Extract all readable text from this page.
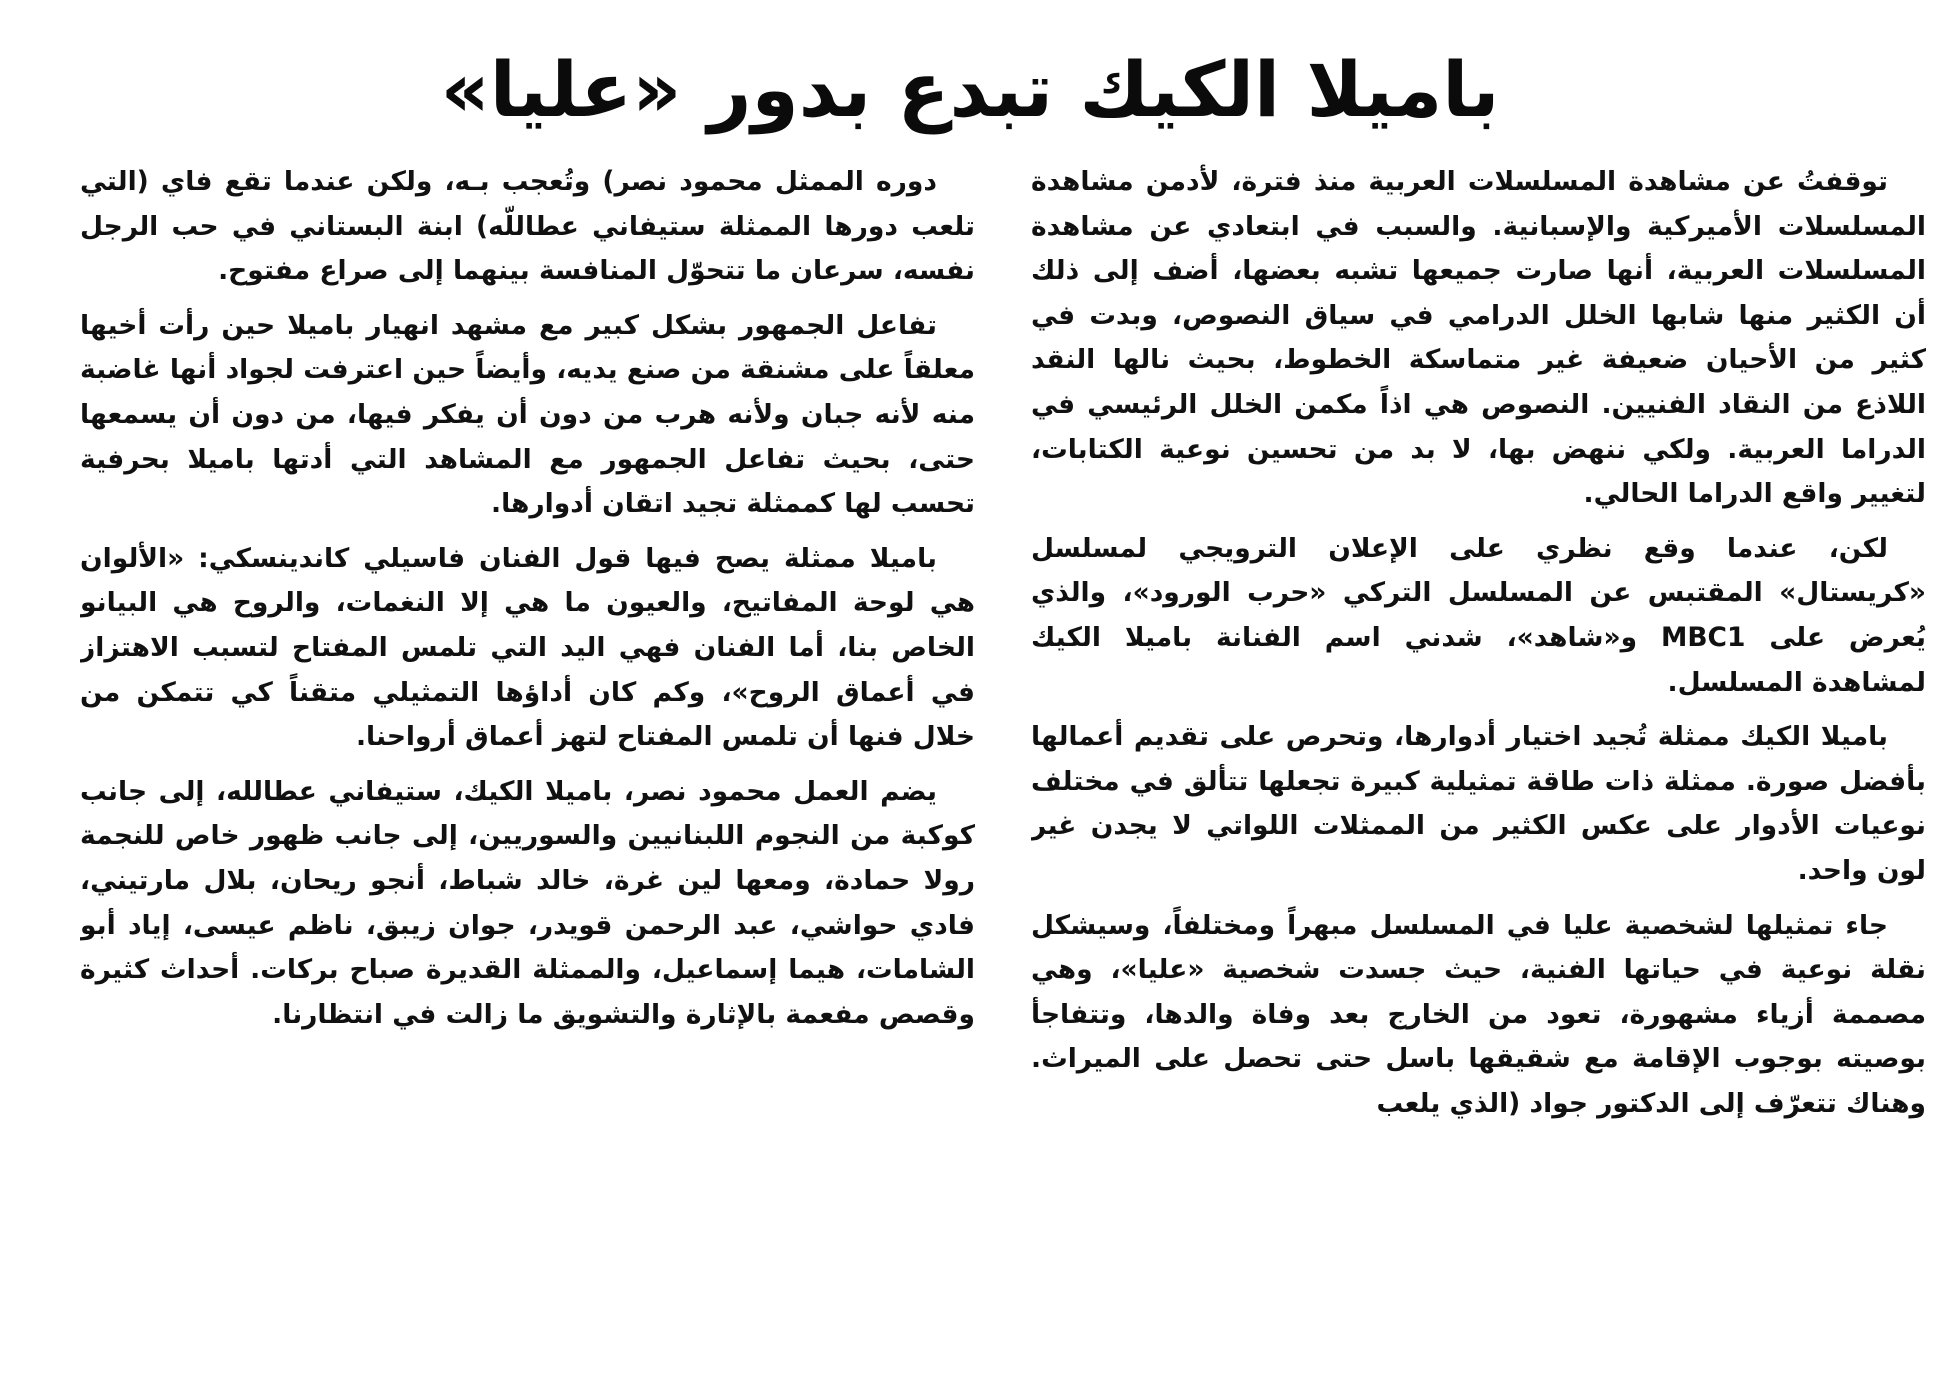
باميلا الكيك تبدع بدور «عليا»

توقفتُ عن مشاهدة المسلسلات العربية منذ فترة، لأدمن مشاهدة المسلسلات الأميركية والإسبانية. والسبب في ابتعادي عن مشاهدة المسلسلات العربية، أنها صارت جميعها تشبه بعضها، أضف إلى ذلك أن الكثير منها شابها الخلل الدرامي في سياق النصوص، وبدت في كثير من الأحيان ضعيفة غير متماسكة الخطوط، بحيث نالها النقد اللاذع من النقاد الفنيين. النصوص هي اذاً مكمن الخلل الرئيسي في الدراما العربية. ولكي ننهض بها، لا بد من تحسين نوعية الكتابات، لتغيير واقع الدراما الحالي.

لكن، عندما وقع نظري على الإعلان الترويجي لمسلسل «كريستال» المقتبس عن المسلسل التركي «حرب الورود»، والذي يُعرض على MBC1 و«شاهد»، شدني اسم الفنانة باميلا الكيك لمشاهدة المسلسل.

باميلا الكيك ممثلة تُجيد اختيار أدوارها، وتحرص على تقديم أعمالها بأفضل صورة. ممثلة ذات طاقة تمثيلية كبيرة تجعلها تتألق في مختلف نوعيات الأدوار على عكس الكثير من الممثلات اللواتي لا يجدن غير لون واحد.

جاء تمثيلها لشخصية عليا في المسلسل مبهراً ومختلفاً، وسيشكل نقلة نوعية في حياتها الفنية، حيث جسدت شخصية «عليا»، وهي مصممة أزياء مشهورة، تعود من الخارج بعد وفاة والدها، وتتفاجأ بوصيته بوجوب الإقامة مع شقيقها باسل حتى تحصل على الميراث. وهناك تتعرّف إلى الدكتور جواد (الذي يلعب

دوره الممثل محمود نصر) وتُعجب بـه، ولكن عندما تقع فاي (التي تلعب دورها الممثلة ستيفاني عطاللّه) ابنة البستاني في حب الرجل نفسه، سرعان ما تتحوّل المنافسة بينهما إلى صراع مفتوح.

تفاعل الجمهور بشكل كبير مع مشهد انهيار باميلا حين رأت أخيها معلقاً على مشنقة من صنع يديه، وأيضاً حين اعترفت لجواد أنها غاضبة منه لأنه جبان ولأنه هرب من دون أن يفكر فيها، من دون أن يسمعها حتى، بحيث تفاعل الجمهور مع المشاهد التي أدتها باميلا بحرفية تحسب لها كممثلة تجيد اتقان أدوارها.

باميلا ممثلة يصح فيها قول الفنان فاسيلي كاندينسكي: «الألوان هي لوحة المفاتيح، والعيون ما هي إلا النغمات، والروح هي البيانو الخاص بنا، أما الفنان فهي اليد التي تلمس المفتاح لتسبب الاهتزاز في أعماق الروح»، وكم كان أداؤها التمثيلي متقناً كي تتمكن من خلال فنها أن تلمس المفتاح لتهز أعماق أرواحنا.

يضم العمل محمود نصر، باميلا الكيك، ستيفاني عطالله، إلى جانب كوكبة من النجوم اللبنانيين والسوريين، إلى جانب ظهور خاص للنجمة رولا حمادة، ومعها لين غرة، خالد شباط، أنجو ريحان، بلال مارتيني، فادي حواشي، عبد الرحمن قويدر، جوان زيبق، ناظم عيسى، إياد أبو الشامات، هيما إسماعيل، والممثلة القديرة صباح بركات. أحداث كثيرة وقصص مفعمة بالإثارة والتشويق ما زالت في انتظارنا.
